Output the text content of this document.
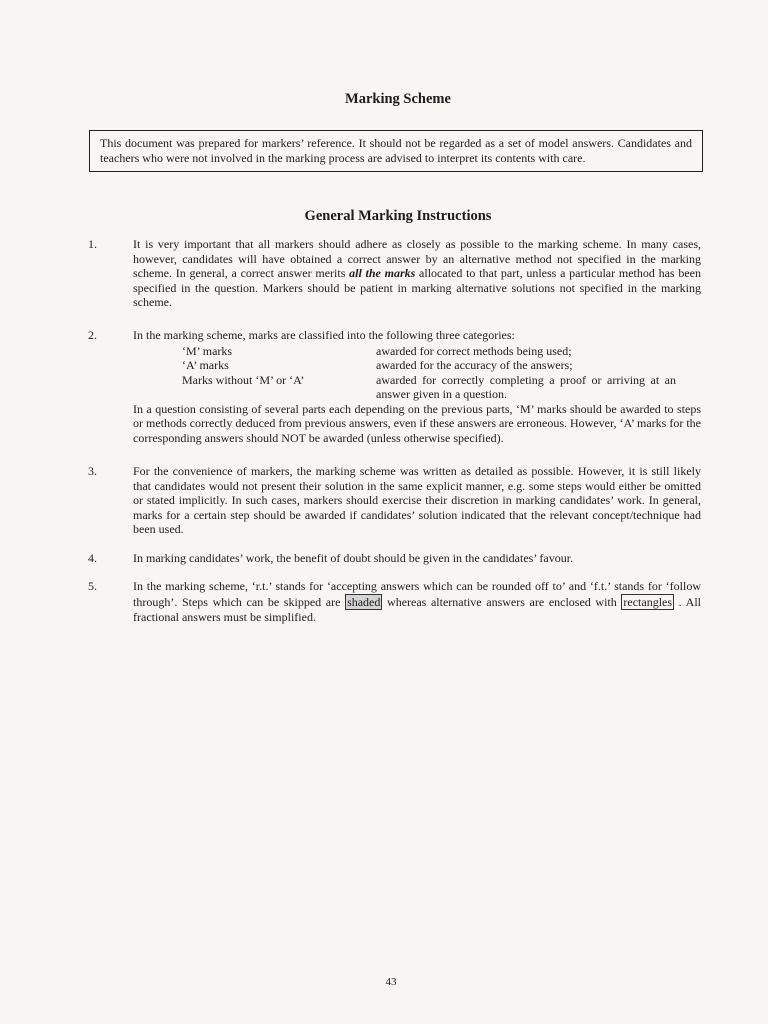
Marking Scheme
This document was prepared for markers’ reference. It should not be regarded as a set of model answers. Candidates and teachers who were not involved in the marking process are advised to interpret its contents with care.
General Marking Instructions
1.	It is very important that all markers should adhere as closely as possible to the marking scheme. In many cases, however, candidates will have obtained a correct answer by an alternative method not specified in the marking scheme. In general, a correct answer merits all the marks allocated to that part, unless a particular method has been specified in the question. Markers should be patient in marking alternative solutions not specified in the marking scheme.
2.	In the marking scheme, marks are classified into the following three categories:
‘M’ marks	awarded for correct methods being used;
‘A’ marks	awarded for the accuracy of the answers;
Marks without ‘M’ or ‘A’	awarded for correctly completing a proof or arriving at an answer given in a question.
In a question consisting of several parts each depending on the previous parts, ‘M’ marks should be awarded to steps or methods correctly deduced from previous answers, even if these answers are erroneous. However, ‘A’ marks for the corresponding answers should NOT be awarded (unless otherwise specified).
3.	For the convenience of markers, the marking scheme was written as detailed as possible. However, it is still likely that candidates would not present their solution in the same explicit manner, e.g. some steps would either be omitted or stated implicitly. In such cases, markers should exercise their discretion in marking candidates’ work. In general, marks for a certain step should be awarded if candidates’ solution indicated that the relevant concept/technique had been used.
4.	In marking candidates’ work, the benefit of doubt should be given in the candidates’ favour.
5.	In the marking scheme, ‘r.t.’ stands for ‘accepting answers which can be rounded off to’ and ‘f.t.’ stands for ‘follow through’. Steps which can be skipped are shaded whereas alternative answers are enclosed with rectangles . All fractional answers must be simplified.
43
